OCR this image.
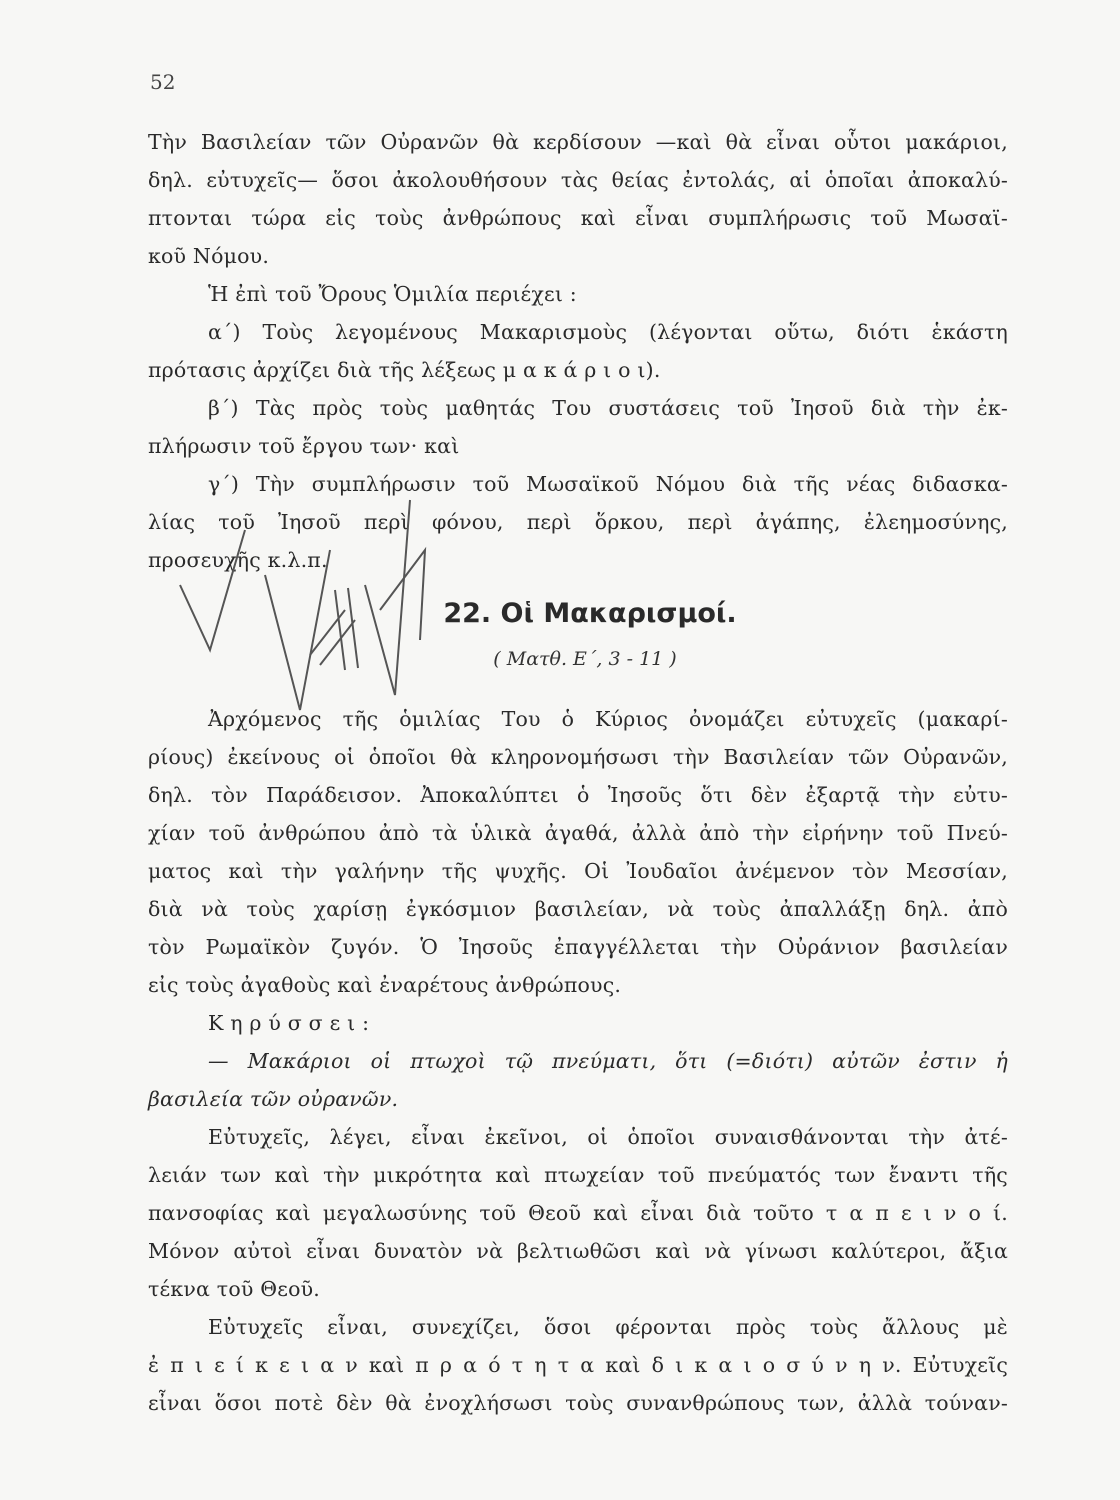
52
Τὴν Βασιλείαν τῶν Οὐρανῶν θὰ κερδίσουν —καὶ θὰ εἶναι οὗτοι μακάριοι,
δηλ. εὐτυχεῖς— ὅσοι ἀκολουθήσουν τὰς θείας ἐντολάς, αἱ ὁποῖαι ἀποκαλύ-
πτονται τώρα εἰς τοὺς ἀνθρώπους καὶ εἶναι συμπλήρωσις τοῦ Μωσαϊ-
κοῦ Νόμου.
Ἡ ἐπὶ τοῦ Ὄρους Ὁμιλία περιέχει :
α΄) Τοὺς λεγομένους Μακαρισμοὺς (λέγονται οὕτω, διότι ἑκάστη
πρότασις ἀρχίζει διὰ τῆς λέξεως μ α κ ά ρ ι ο ι).
β΄) Τὰς πρὸς τοὺς μαθητάς Του συστάσεις τοῦ Ἰησοῦ διὰ τὴν ἐκ-
πλήρωσιν τοῦ ἔργου των· καὶ
γ΄) Τὴν συμπλήρωσιν τοῦ Μωσαϊκοῦ Νόμου διὰ τῆς νέας διδασκα-
λίας τοῦ Ἰησοῦ περὶ φόνου, περὶ ὅρκου, περὶ ἀγάπης, ἐλεημοσύνης,
προσευχῆς κ.λ.π.
22. Οἱ Μακαρισμοί.
( Ματθ. Ε΄, 3 - 11 )
Ἀρχόμενος τῆς ὁμιλίας Του ὁ Κύριος ὀνομάζει εὐτυχεῖς (μακαρί-
ρίους) ἐκείνους οἱ ὁποῖοι θὰ κληρονομήσωσι τὴν Βασιλείαν τῶν Οὐρανῶν,
δηλ. τὸν Παράδεισον. Ἀποκαλύπτει ὁ Ἰησοῦς ὅτι δὲν ἐξαρτᾷ τὴν εὐτυ-
χίαν τοῦ ἀνθρώπου ἀπὸ τὰ ὑλικὰ ἀγαθά, ἀλλὰ ἀπὸ τὴν εἰρήνην τοῦ Πνεύ-
ματος καὶ τὴν γαλήνην τῆς ψυχῆς. Οἱ Ἰουδαῖοι ἀνέμενον τὸν Μεσσίαν,
διὰ νὰ τοὺς χαρίσῃ ἐγκόσμιον βασιλείαν, νὰ τοὺς ἀπαλλάξῃ δηλ. ἀπὸ
τὸν Ρωμαϊκὸν ζυγόν. Ὁ Ἰησοῦς ἐπαγγέλλεται τὴν Οὐράνιον βασιλείαν
εἰς τοὺς ἀγαθοὺς καὶ ἐναρέτους ἀνθρώπους.
Κ η ρ ύ σ σ ε ι :
— Μακάριοι οἱ πτωχοὶ τῷ πνεύματι, ὅτι (=διότι) αὐτῶν ἐστιν ἡ
βασιλεία τῶν οὐρανῶν.
Εὐτυχεῖς, λέγει, εἶναι ἐκεῖνοι, οἱ ὁποῖοι συναισθάνονται τὴν ἀτέ-
λειάν των καὶ τὴν μικρότητα καὶ πτωχείαν τοῦ πνεύματός των ἔναντι τῆς
πανσοφίας καὶ μεγαλωσύνης τοῦ Θεοῦ καὶ εἶναι διὰ τοῦτο τ α π ε ι ν ο ί.
Μόνον αὐτοὶ εἶναι δυνατὸν νὰ βελτιωθῶσι καὶ νὰ γίνωσι καλύτεροι, ἄξια
τέκνα τοῦ Θεοῦ.
Εὐτυχεῖς εἶναι, συνεχίζει, ὅσοι φέρονται πρὸς τοὺς ἄλλους μὲ
ἐ π ι ε ί κ ε ι α ν καὶ π ρ α ό τ η τ α καὶ δ ι κ α ι ο σ ύ ν η ν. Εὐτυχεῖς
εἶναι ὅσοι ποτὲ δὲν θὰ ἐνοχλήσωσι τοὺς συνανθρώπους των, ἀλλὰ τούναν-
